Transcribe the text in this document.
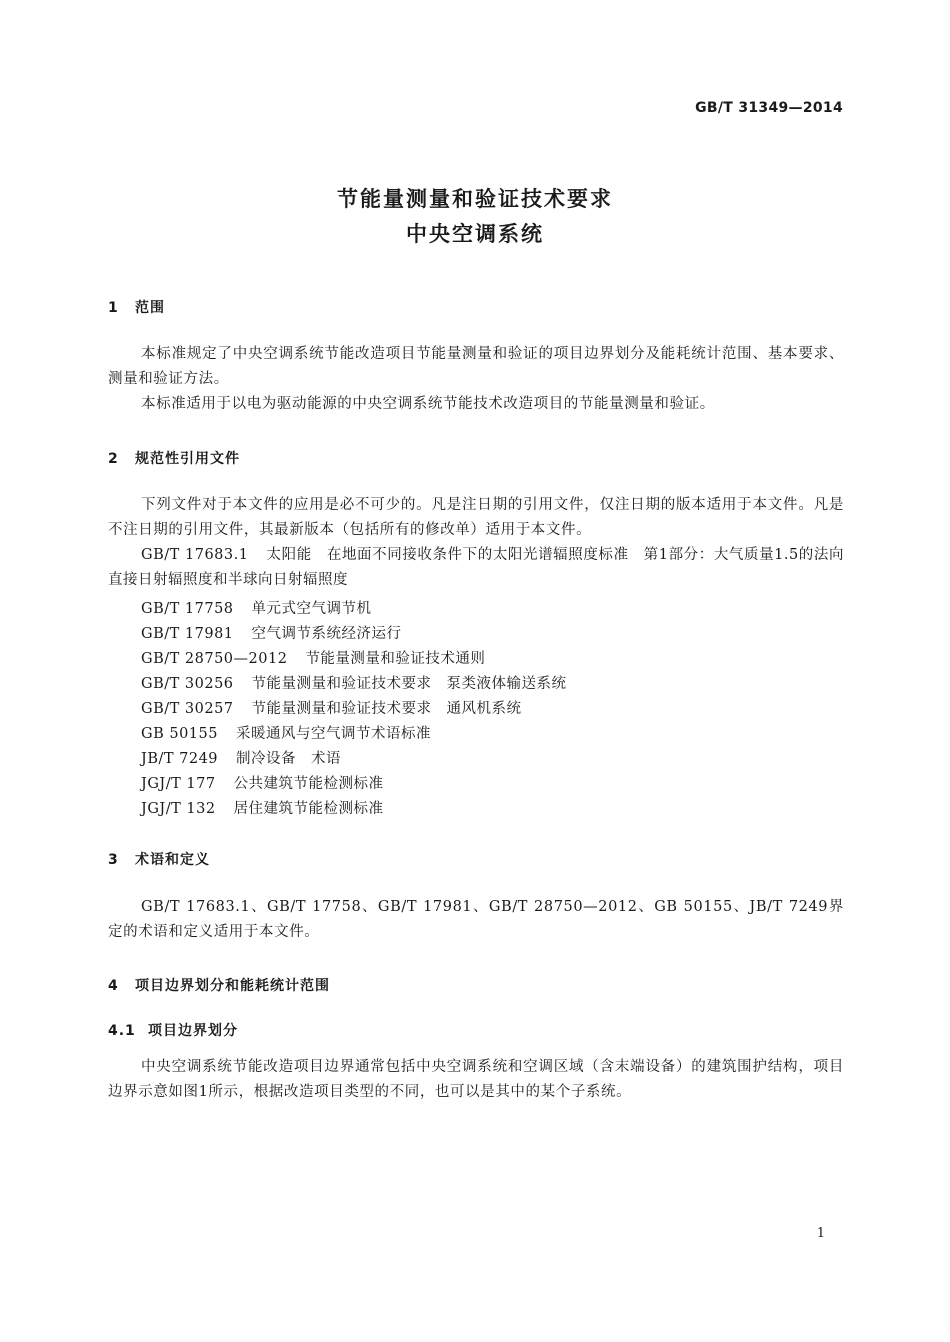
GB/T 31349—2014
节能量测量和验证技术要求
中央空调系统
1 范围

本标准规定了中央空调系统节能改造项目节能量测量和验证的项目边界划分及能耗统计范围、基本要求、测量和验证方法。

本标准适用于以电为驱动能源的中央空调系统节能技术改造项目的节能量测量和验证。

2 规范性引用文件

下列文件对于本文件的应用是必不可少的。凡是注日期的引用文件，仅注日期的版本适用于本文件。凡是不注日期的引用文件，其最新版本（包括所有的修改单）适用于本文件。

GB/T 17683.1 太阳能　在地面不同接收条件下的太阳光谱辐照度标准　第1部分：大气质量1.5的法向直接日射辐照度和半球向日射辐照度

GB/T 17758 单元式空气调节机
GB/T 17981 空气调节系统经济运行
GB/T 28750—2012 节能量测量和验证技术通则
GB/T 30256 节能量测量和验证技术要求　泵类液体输送系统
GB/T 30257 节能量测量和验证技术要求　通风机系统
GB 50155 采暖通风与空气调节术语标准
JB/T 7249 制冷设备　术语
JGJ/T 177 公共建筑节能检测标准
JGJ/T 132 居住建筑节能检测标准
3 术语和定义

GB/T 17683.1、GB/T 17758、GB/T 17981、GB/T 28750—2012、GB 50155、JB/T 7249界定的术语和定义适用于本文件。

4 项目边界划分和能耗统计范围
4.1 项目边界划分

中央空调系统节能改造项目边界通常包括中央空调系统和空调区域（含末端设备）的建筑围护结构，项目边界示意如图1所示，根据改造项目类型的不同，也可以是其中的某个子系统。

1
